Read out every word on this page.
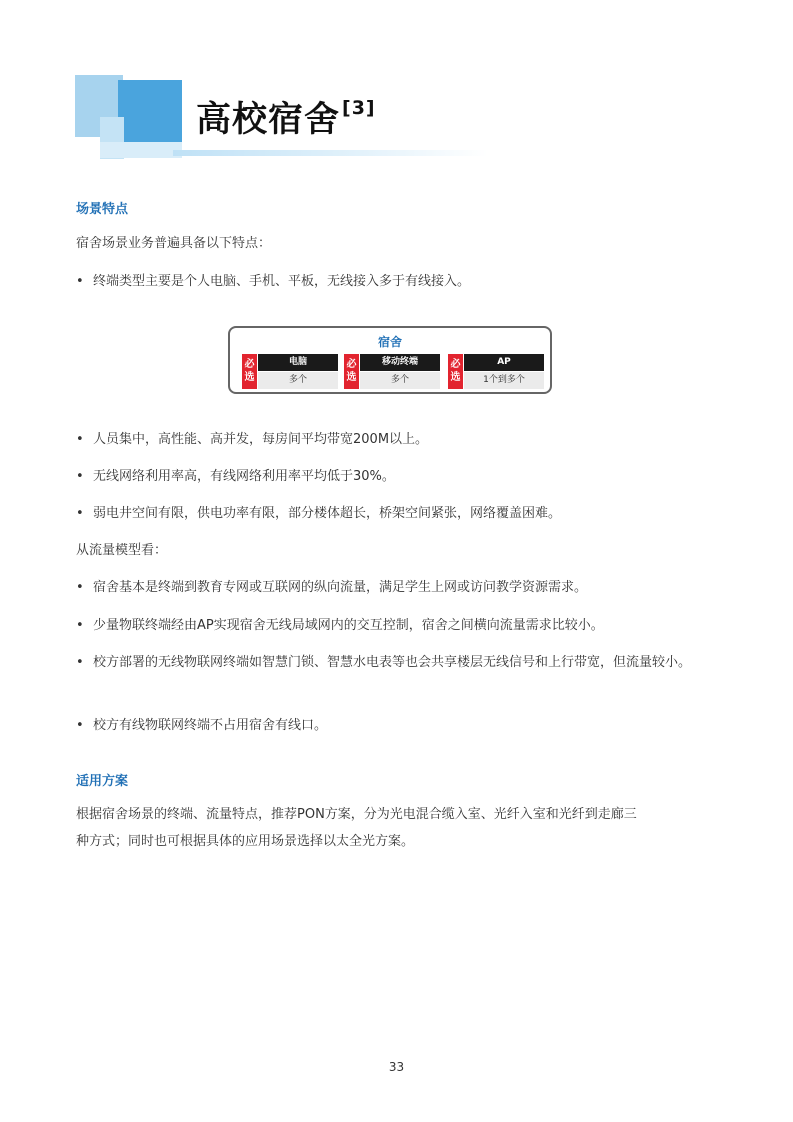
高校宿舍 [3]
场景特点
宿舍场景业务普遍具备以下特点：
• 终端类型主要是个人电脑、手机、平板，无线接入多于有线接入。
宿舍
必选
电脑
多个
必选
移动终端
多个
必选
AP
1个到多个
• 人员集中，高性能、高并发，每房间平均带宽200M以上。
• 无线网络利用率高，有线网络利用率平均低于30%。
• 弱电井空间有限，供电功率有限，部分楼体超长，桥架空间紧张，网络覆盖困难。
从流量模型看：
• 宿舍基本是终端到教育专网或互联网的纵向流量，满足学生上网或访问教学资源需求。
• 少量物联终端经由AP实现宿舍无线局域网内的交互控制，宿舍之间横向流量需求比较小。
• 校方部署的无线物联网终端如智慧门锁、智慧水电表等也会共享楼层无线信号和上行带宽，但流量较小。
• 校方有线物联网终端不占用宿舍有线口。
适用方案
根据宿舍场景的终端、流量特点，推荐PON方案，分为光电混合缆入室、光纤入室和光纤到走廊三
种方式；同时也可根据具体的应用场景选择以太全光方案。
33
